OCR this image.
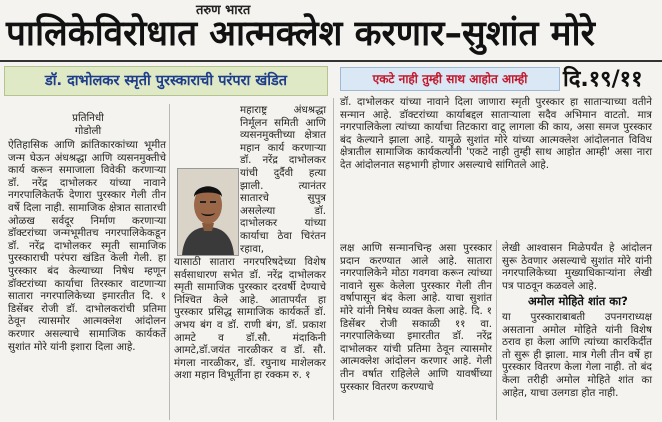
तरुण भारत
पालिकेविरोधात आत्मक्लेश करणार–सुशांत मोरे
डॉ. दाभोलकर स्मृती पुरस्काराची परंपरा खंडित	एकटे नाही तुम्ही साथ आहोत आम्ही	दि.१९/११

प्रतिनिधी

गोडोली

ऐतिहासिक आणि क्रांतिकारकांच्या भूमीत जन्म घेऊन अंधश्रद्धा आणि व्यसनमुक्तीचे कार्य करून समाजाला विवेकी करणाऱ्या डॉ. नरेंद्र दाभोलकर यांच्या नावाने नगरपालिकेतर्फे देणारा पुरस्कार गेली तीन वर्षे दिला नाही. सामाजिक क्षेत्रात सातारची ओळख सर्वदूर निर्माण करणाऱ्या डॉक्टरांच्या जन्मभूमीतच नगरपालिकेकडून डॉ. नरेंद्र दाभोलकर स्मृती सामाजिक पुरस्काराची परंपरा खंडित केली गेली. हा पुरस्कार बंद केल्याच्या निषेध म्हणून डॉक्टरांच्या कार्याचा तिरस्कार वाटणाऱ्या सातारा नगरपालिकेच्या इमारतीत दि. १ डिसेंबर रोजी डॉ. दाभोलकरांची प्रतिमा ठेवून त्यासमोर आत्मक्लेश आंदोलन करणार असल्याचे सामाजिक कार्यकर्ते सुशांत मोरे यांनी इशारा दिला आहे.

महाराष्ट्र अंधश्रद्धा निर्मूलन समिती आणि व्यसनमुक्तीच्या क्षेत्रात महान कार्य करणाऱ्या डॉ. नरेंद्र दाभोलकर यांची दुर्दैवी हत्या झाली. त्यानंतर सातारचे सुपुत्र असलेल्या डॉ. दाभोलकर यांच्या कार्याचा ठेवा चिरंतन रहावा,

यासाठी सातारा नगरपरिषदेच्या विशेष सर्वसाधारण सभेत डॉ. नरेंद्र दाभोलकर स्मृती सामाजिक पुरस्कार दरवर्षी देण्याचे निश्चित केले आहे. आतापर्यंत हा पुरस्कार प्रसिद्ध सामाजिक कार्यकर्ते डॉ. अभय बंग व डॉ. राणी बंग, डॉ. प्रकाश आमटे व डॉ.सौ. मंदाकिनी आमटे,डॉ.जयंत नारळीकर व डॉ. सौ. मंगला नारळीकर, डॉ. रघुनाथ माशेलकर अशा महान विभूतींना हा रक्कम रु. १

डॉ. दाभोलकर यांच्या नावाने दिला जाणारा स्मृती पुरस्कार हा साताऱ्याच्या वतीने सन्मान आहे. डॉक्टरांच्या कार्याबद्दल साताऱ्याला सदैव अभिमान वाटतो. मात्र नगरपालिकेला त्यांच्या कार्याचा तिटकारा वाटू लागला की काय, असा समज पुरस्कार बंद केल्याने झाला आहे. यामुळे सुशांत मोरे यांच्या आत्मक्लेश आंदोलनात विविध क्षेत्रातील सामाजिक कार्यकर्त्यांनी 'एकटे नाही तुम्ही साथ आहोत आम्ही' असा नारा देत आंदोलनात सहभागी होणार असल्याचे सांगितले आहे.

लक्ष आणि सन्मानचिन्ह असा पुरस्कार प्रदान करण्यात आले आहे. सातारा नगरपालिकेने मोठा गवगवा करून त्यांच्या नावाने सुरू केलेला पुरस्कार गेली तीन वर्षापासून बंद केला आहे. याचा सुशांत मोरे यांनी निषेध व्यक्त केला आहे. दि. १ डिसेंबर रोजी सकाळी ११ वा. नगरपालिकेच्या इमारतीत डॉ. नरेंद्र दाभोलकर यांची प्रतिमा ठेवून त्यासमोर आत्मक्लेश आंदोलन करणार आहे. गेली तीन वर्षात राहिलेले आणि यावर्षीच्या पुरस्कार वितरण करण्याचे

लेखी आश्वासन मिळेपर्यंत हे आंदोलन सुरू ठेवणार असल्याचे सुशांत मोरे यांनी नगरपालिकेच्या मुख्याधिकाऱ्यांना लेखी पत्र पाठवून कळवले आहे.

अमोल मोहिते शांत का?

या पुरस्काराबाबती उपनगराध्यक्ष असताना अमोल मोहिते यांनी विशेष ठराव हा केला आणि त्यांच्या कारकिर्दीत तो सुरू ही झाला. मात्र गेली तीन वर्षे हा पुरस्कार वितरण केला गेला नाही. तो बंद केला तरीही अमोल मोहिते शांत का आहेत, याचा उलगडा होत नाही.
